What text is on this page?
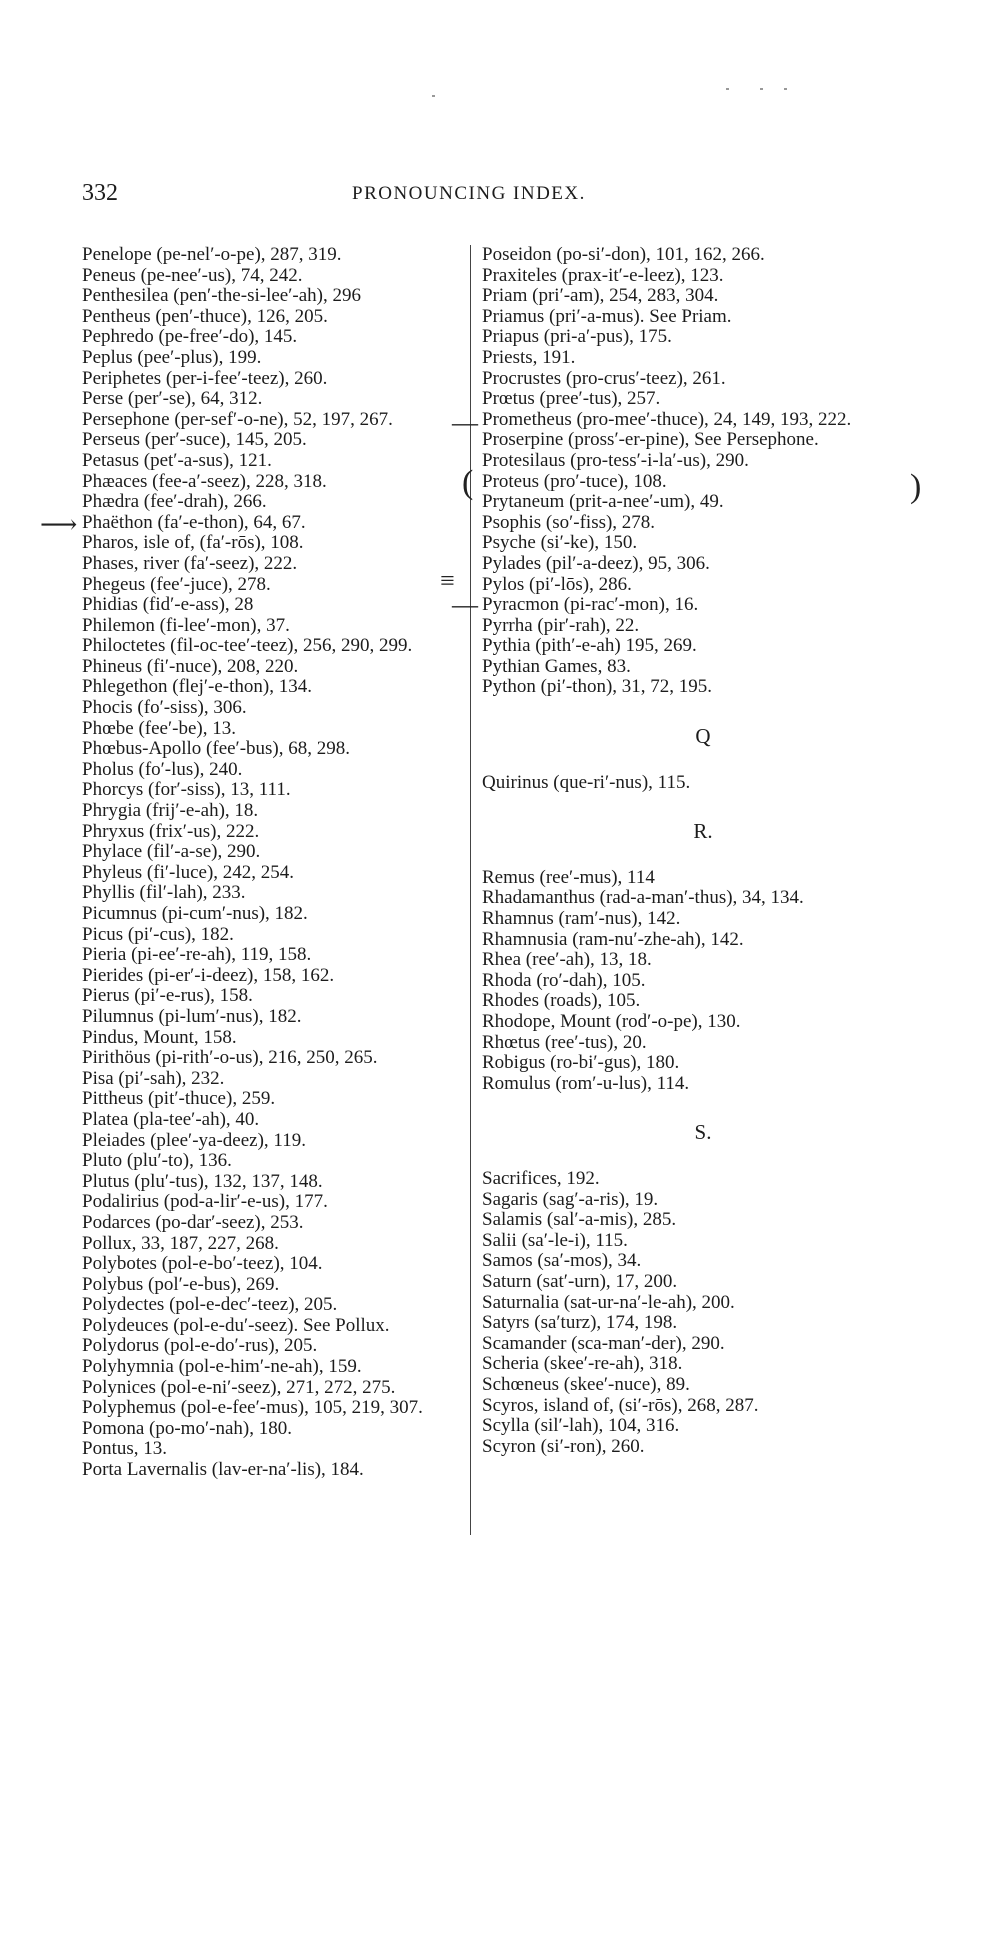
332	PRONOUNCING INDEX.
Penelope (pe-nel′-o-pe), 287, 319.
Peneus (pe-nee′-us), 74, 242.
Penthesilea (pen′-the-si-lee′-ah), 296
Pentheus (pen′-thuce), 126, 205.
Pephredo (pe-free′-do), 145.
Peplus (pee′-plus), 199.
Periphetes (per-i-fee′-teez), 260.
Perse (per′-se), 64, 312.
Persephone (per-sef′-o-ne), 52, 197, 267.
Perseus (per′-suce), 145, 205.
Petasus (pet′-a-sus), 121.
Phæaces (fee-a′-seez), 228, 318.
Phædra (fee′-drah), 266.
Phaëthon (fa′-e-thon), 64, 67.
Pharos, isle of, (fa′-rōs), 108.
Phases, river (fa′-seez), 222.
Phegeus (fee′-juce), 278.
Phidias (fid′-e-ass), 28
Philemon (fi-lee′-mon), 37.
Philoctetes (fil-oc-tee′-teez), 256, 290, 299.
Phineus (fi′-nuce), 208, 220.
Phlegethon (flej′-e-thon), 134.
Phocis (fo′-siss), 306.
Phœbe (fee′-be), 13.
Phœbus-Apollo (fee′-bus), 68, 298.
Pholus (fo′-lus), 240.
Phorcys (for′-siss), 13, 111.
Phrygia (frij′-e-ah), 18.
Phryxus (frix′-us), 222.
Phylace (fil′-a-se), 290.
Phyleus (fi′-luce), 242, 254.
Phyllis (fil′-lah), 233.
Picumnus (pi-cum′-nus), 182.
Picus (pi′-cus), 182.
Pieria (pi-ee′-re-ah), 119, 158.
Pierides (pi-er′-i-deez), 158, 162.
Pierus (pi′-e-rus), 158.
Pilumnus (pi-lum′-nus), 182.
Pindus, Mount, 158.
Pirithöus (pi-rith′-o-us), 216, 250, 265.
Pisa (pi′-sah), 232.
Pittheus (pit′-thuce), 259.
Platea (pla-tee′-ah), 40.
Pleiades (plee′-ya-deez), 119.
Pluto (plu′-to), 136.
Plutus (plu′-tus), 132, 137, 148.
Podalirius (pod-a-lir′-e-us), 177.
Podarces (po-dar′-seez), 253.
Pollux, 33, 187, 227, 268.
Polybotes (pol-e-bo′-teez), 104.
Polybus (pol′-e-bus), 269.
Polydectes (pol-e-dec′-teez), 205.
Polydeuces (pol-e-du′-seez). See Pollux.
Polydorus (pol-e-do′-rus), 205.
Polyhymnia (pol-e-him′-ne-ah), 159.
Polynices (pol-e-ni′-seez), 271, 272, 275.
Polyphemus (pol-e-fee′-mus), 105, 219, 307.
Pomona (po-mo′-nah), 180.
Pontus, 13.
Porta Lavernalis (lav-er-na′-lis), 184.
Poseidon (po-si′-don), 101, 162, 266.
Praxiteles (prax-it′-e-leez), 123.
Priam (pri′-am), 254, 283, 304.
Priamus (pri′-a-mus). See Priam.
Priapus (pri-a′-pus), 175.
Priests, 191.
Procrustes (pro-crus′-teez), 261.
Prœtus (pree′-tus), 257.
Prometheus (pro-mee′-thuce), 24, 149, 193, 222.
Proserpine (pross′-er-pine), See Persephone.
Protesilaus (pro-tess′-i-la′-us), 290.
Proteus (pro′-tuce), 108.
Prytaneum (prit-a-nee′-um), 49.
Psophis (so′-fiss), 278.
Psyche (si′-ke), 150.
Pylades (pil′-a-deez), 95, 306.
Pylos (pi′-lōs), 286.
Pyracmon (pi-rac′-mon), 16.
Pyrrha (pir′-rah), 22.
Pythia (pith′-e-ah) 195, 269.
Pythian Games, 83.
Python (pi′-thon), 31, 72, 195.
Q
Quirinus (que-ri′-nus), 115.
R.
Remus (ree′-mus), 114
Rhadamanthus (rad-a-man′-thus), 34, 134.
Rhamnus (ram′-nus), 142.
Rhamnusia (ram-nu′-zhe-ah), 142.
Rhea (ree′-ah), 13, 18.
Rhoda (ro′-dah), 105.
Rhodes (roads), 105.
Rhodope, Mount (rod′-o-pe), 130.
Rhœtus (ree′-tus), 20.
Robigus (ro-bi′-gus), 180.
Romulus (rom′-u-lus), 114.
S.
Sacrifices, 192.
Sagaris (sag′-a-ris), 19.
Salamis (sal′-a-mis), 285.
Salii (sa′-le-i), 115.
Samos (sa′-mos), 34.
Saturn (sat′-urn), 17, 200.
Saturnalia (sat-ur-na′-le-ah), 200.
Satyrs (sa′turz), 174, 198.
Scamander (sca-man′-der), 290.
Scheria (skee′-re-ah), 318.
Schœneus (skee′-nuce), 89.
Scyros, island of, (si′-rōs), 268, 287.
Scylla (sil′-lah), 104, 316.
Scyron (si′-ron), 260.
⟶
(	)
≡
—
—
